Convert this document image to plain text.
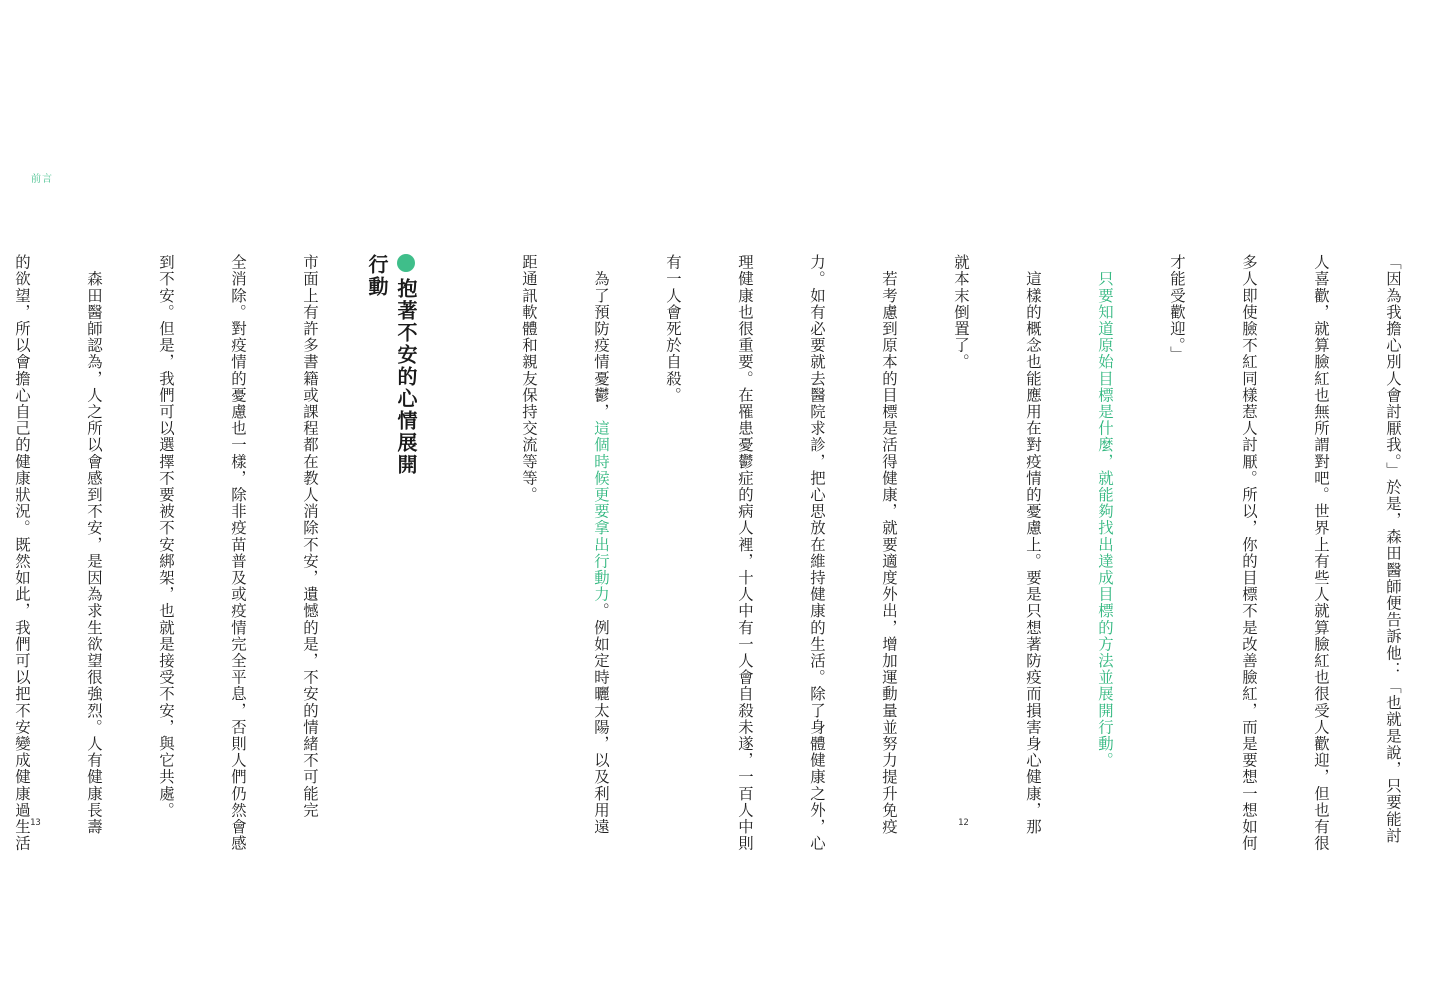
前言
抱著不安的心情展開行動

市面上有許多書籍或課程都在教人消除不安，遺憾的是，不安的情緒不可能完

全消除。對疫情的憂慮也一樣，除非疫苗普及或疫情完全平息，否則人們仍然會感

到不安。但是，我們可以選擇不要被不安綁架，也就是接受不安，與它共處。

　森田醫師認為，人之所以會感到不安，是因為求生欲望很強烈。人有健康長壽

的欲望，所以會擔心自己的健康狀況。既然如此，我們可以把不安變成健康過生活

13

	「因為我擔心別人會討厭我。」於是，森田醫師便告訴他：「也就是說，只要能討

人喜歡，就算臉紅也無所謂對吧。世界上有些人就算臉紅也很受人歡迎，但也有很

多人即使臉不紅同樣惹人討厭。所以，你的目標不是改善臉紅，而是要想一想如何

才能受歡迎。」

　只要知道原始目標是什麼，就能夠找出達成目標的方法並展開行動。

　這樣的概念也能應用在對疫情的憂慮上。要是只想著防疫而損害身心健康，那

就本末倒置了。

　若考慮到原本的目標是活得健康，就要適度外出，增加運動量並努力提升免疫

力。如有必要就去醫院求診，把心思放在維持健康的生活。除了身體健康之外，心

理健康也很重要。在罹患憂鬱症的病人裡，十人中有一人會自殺未遂，一百人中則

有一人會死於自殺。

　為了預防疫情憂鬱，這個時候更要拿出行動力。例如定時曬太陽，以及利用遠

距通訊軟體和親友保持交流等等。

12
